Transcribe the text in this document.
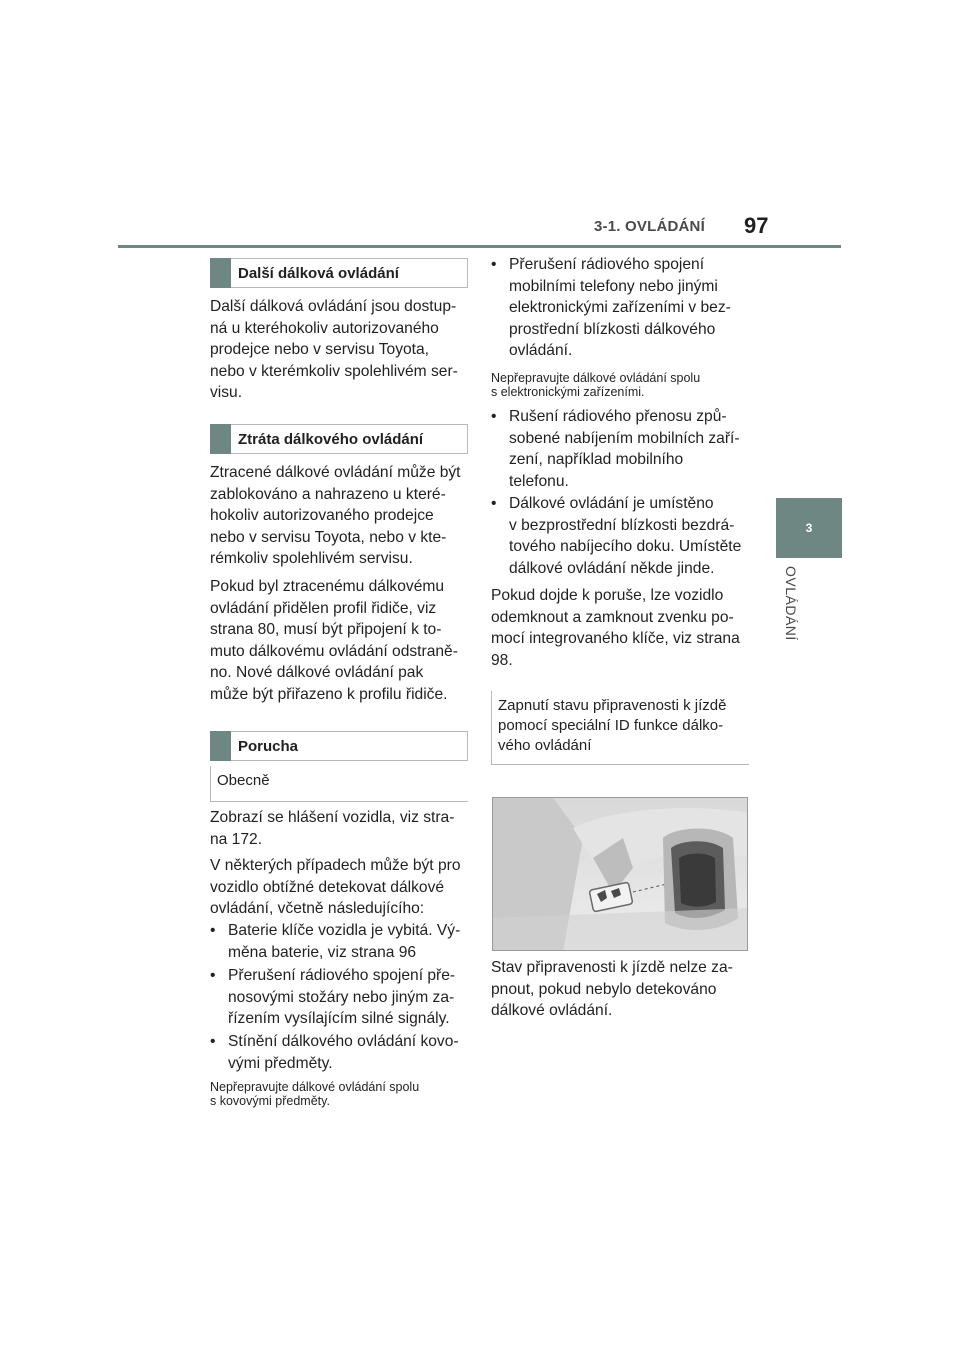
3-1. OVLÁDÁNÍ 97
3
OVLÁDÁNÍ
Další dálková ovládání
Další dálková ovládání jsou dostup-
ná u kteréhokoliv autorizovaného
prodejce nebo v servisu Toyota,
nebo v kterémkoliv spolehlivém ser-
visu.
Ztráta dálkového ovládání
Ztracené dálkové ovládání může být
zablokováno a nahrazeno u které-
hokoliv autorizovaného prodejce
nebo v servisu Toyota, nebo v kte-
rémkoliv spolehlivém servisu.
Pokud byl ztracenému dálkovému
ovládání přidělen profil řidiče, viz
strana 80, musí být připojení k to-
muto dálkovému ovládání odstraně-
no. Nové dálkové ovládání pak
může být přiřazeno k profilu řidiče.
Porucha
Obecně
Zobrazí se hlášení vozidla, viz stra-
na 172.
V některých případech může být pro
vozidlo obtížné detekovat dálkové
ovládání, včetně následujícího:
• Baterie klíče vozidla je vybitá. Vý-
měna baterie, viz strana 96
• Přerušení rádiového spojení pře-
nosovými stožáry nebo jiným za-
řízením vysílajícím silné signály.
• Stínění dálkového ovládání kovo-
vými předměty.
Nepřepravujte dálkové ovládání spolu
s kovovými předměty.
• Přerušení rádiového spojení
mobilními telefony nebo jinými
elektronickými zařízeními v bez-
prostřední blízkosti dálkového
ovládání.
Nepřepravujte dálkové ovládání spolu
s elektronickými zařízeními.
• Rušení rádiového přenosu způ-
sobené nabíjením mobilních zaří-
zení, například mobilního
telefonu.
• Dálkové ovládání je umístěno
v bezprostřední blízkosti bezdrá-
tového nabíjecího doku. Umístěte
dálkové ovládání někde jinde.
Pokud dojde k poruše, lze vozidlo
odemknout a zamknout zvenku po-
mocí integrovaného klíče, viz strana
98.
Zapnutí stavu připravenosti k jízdě
pomocí speciální ID funkce dálko-
vého ovládání
Stav připravenosti k jízdě nelze za-
pnout, pokud nebylo detekováno
dálkové ovládání.
